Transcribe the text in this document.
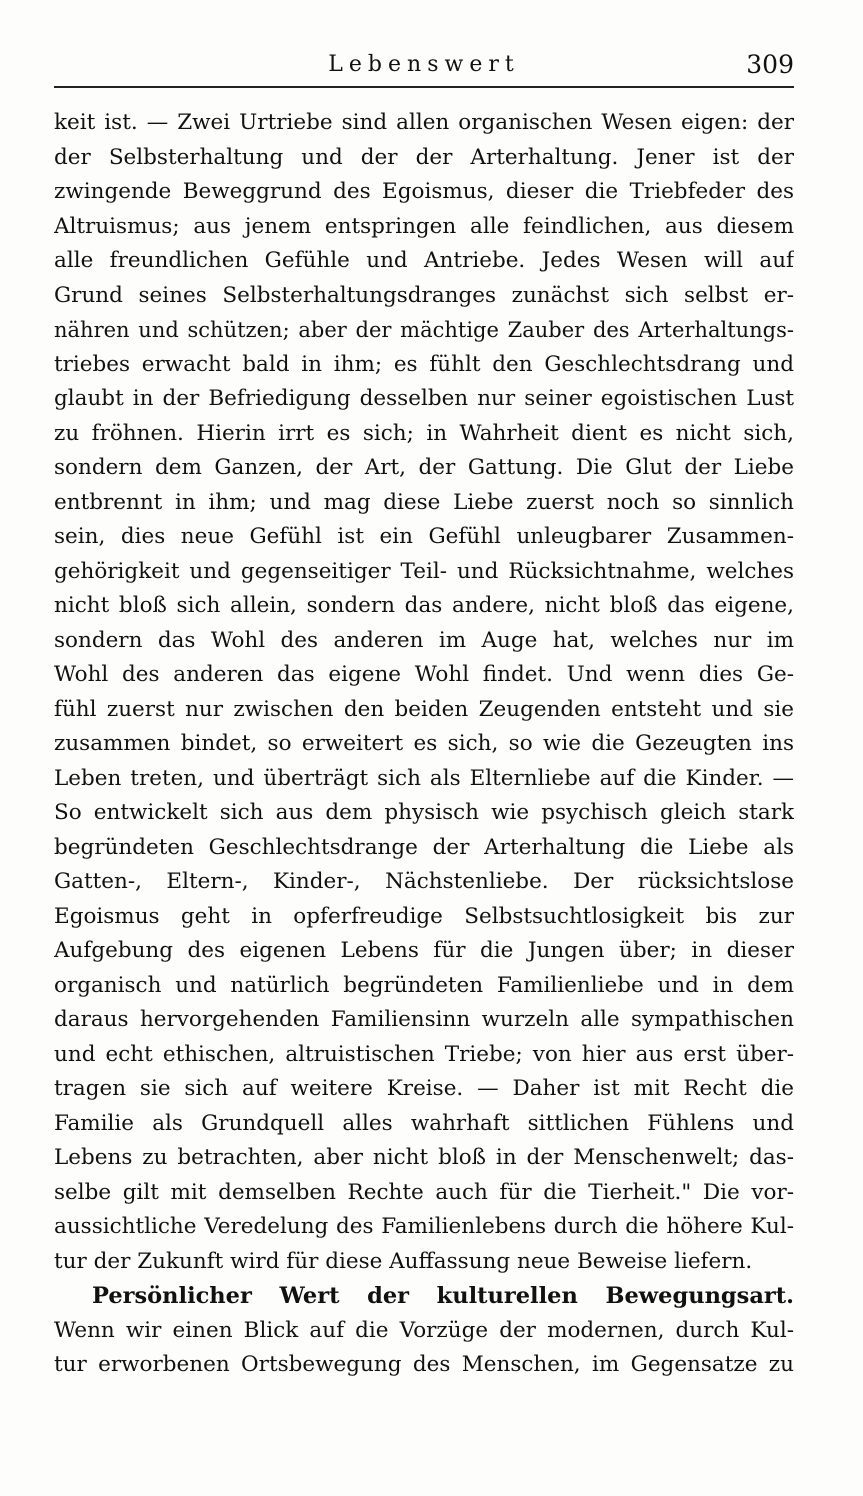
Lebenswert	309
keit ist. — Zwei Urtriebe sind allen organischen Wesen eigen: der
der Selbsterhaltung und der der Arterhaltung. Jener ist der
zwingende Beweggrund des Egoismus, dieser die Triebfeder des
Altruismus; aus jenem entspringen alle feindlichen, aus diesem
alle freundlichen Gefühle und Antriebe. Jedes Wesen will auf
Grund seines Selbsterhaltungsdranges zunächst sich selbst er-
nähren und schützen; aber der mächtige Zauber des Arterhaltungs-
triebes erwacht bald in ihm; es fühlt den Geschlechtsdrang und
glaubt in der Befriedigung desselben nur seiner egoistischen Lust
zu fröhnen. Hierin irrt es sich; in Wahrheit dient es nicht sich,
sondern dem Ganzen, der Art, der Gattung. Die Glut der Liebe
entbrennt in ihm; und mag diese Liebe zuerst noch so sinnlich
sein, dies neue Gefühl ist ein Gefühl unleugbarer Zusammen-
gehörigkeit und gegenseitiger Teil- und Rücksichtnahme, welches
nicht bloß sich allein, sondern das andere, nicht bloß das eigene,
sondern das Wohl des anderen im Auge hat, welches nur im
Wohl des anderen das eigene Wohl findet. Und wenn dies Ge-
fühl zuerst nur zwischen den beiden Zeugenden entsteht und sie
zusammen bindet, so erweitert es sich, so wie die Gezeugten ins
Leben treten, und überträgt sich als Elternliebe auf die Kinder. —
So entwickelt sich aus dem physisch wie psychisch gleich stark
begründeten Geschlechtsdrange der Arterhaltung die Liebe als
Gatten-, Eltern-, Kinder-, Nächstenliebe. Der rücksichtslose
Egoismus geht in opferfreudige Selbstsuchtlosigkeit bis zur
Aufgebung des eigenen Lebens für die Jungen über; in dieser
organisch und natürlich begründeten Familienliebe und in dem
daraus hervorgehenden Familiensinn wurzeln alle sympathischen
und echt ethischen, altruistischen Triebe; von hier aus erst über-
tragen sie sich auf weitere Kreise. — Daher ist mit Recht die
Familie als Grundquell alles wahrhaft sittlichen Fühlens und
Lebens zu betrachten, aber nicht bloß in der Menschenwelt; das-
selbe gilt mit demselben Rechte auch für die Tierheit." Die vor-
aussichtliche Veredelung des Familienlebens durch die höhere Kul-
tur der Zukunft wird für diese Auffassung neue Beweise liefern.
Persönlicher Wert der kulturellen Bewegungsart.
Wenn wir einen Blick auf die Vorzüge der modernen, durch Kul-
tur erworbenen Ortsbewegung des Menschen, im Gegensatze zu
